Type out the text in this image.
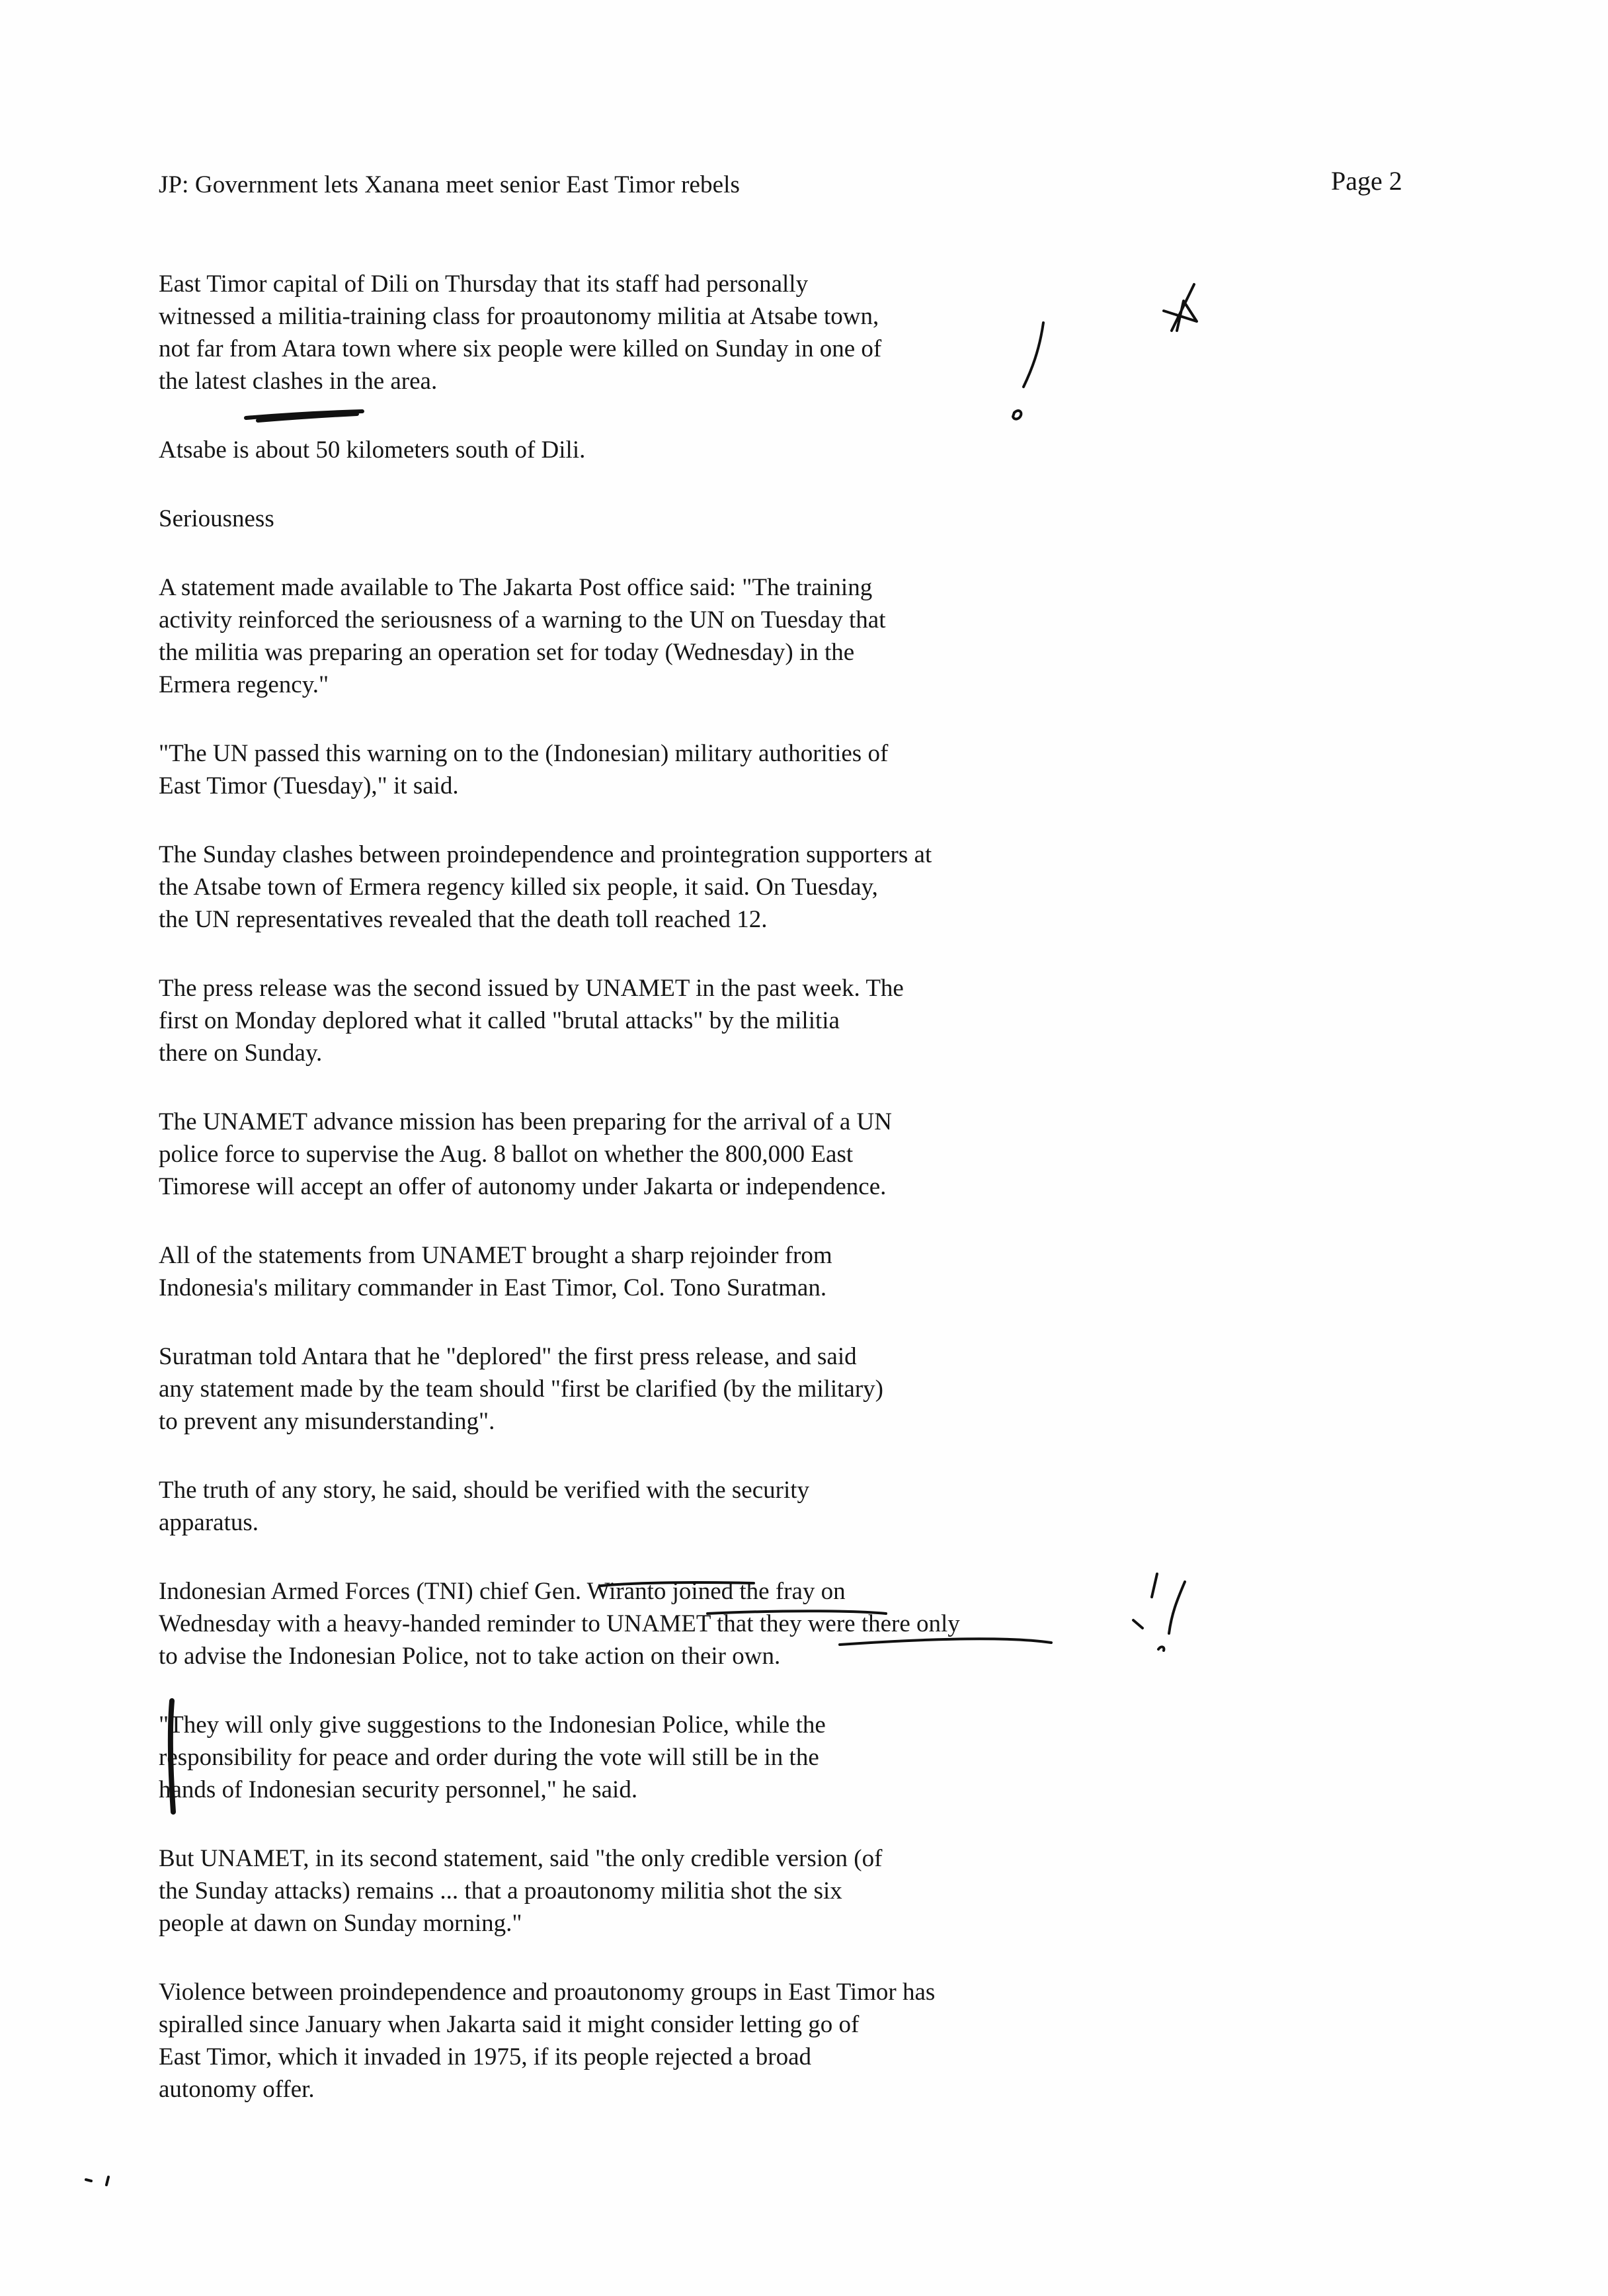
JP: Government lets Xanana meet senior East Timor rebels	Page 2

East Timor capital of Dili on Thursday that its staff had personally
witnessed a militia-training class for proautonomy militia at Atsabe town,
not far from Atara town where six people were killed on Sunday in one of
the latest clashes in the area.

Atsabe is about 50 kilometers south of Dili.

Seriousness

A statement made available to The Jakarta Post office said: "The training
activity reinforced the seriousness of a warning to the UN on Tuesday that
the militia was preparing an operation set for today (Wednesday) in the
Ermera regency."

"The UN passed this warning on to the (Indonesian) military authorities of
East Timor (Tuesday)," it said.

The Sunday clashes between proindependence and prointegration supporters at
the Atsabe town of Ermera regency killed six people, it said. On Tuesday,
the UN representatives revealed that the death toll reached 12.

The press release was the second issued by UNAMET in the past week. The
first on Monday deplored what it called "brutal attacks" by the militia
there on Sunday.

The UNAMET advance mission has been preparing for the arrival of a UN
police force to supervise the Aug. 8 ballot on whether the 800,000 East
Timorese will accept an offer of autonomy under Jakarta or independence.

All of the statements from UNAMET brought a sharp rejoinder from
Indonesia's military commander in East Timor, Col. Tono Suratman.

Suratman told Antara that he "deplored" the first press release, and said
any statement made by the team should "first be clarified (by the military)
to prevent any misunderstanding".

The truth of any story, he said, should be verified with the security
apparatus.

Indonesian Armed Forces (TNI) chief Gen. Wiranto joined the fray on
Wednesday with a heavy-handed reminder to UNAMET that they were there only
to advise the Indonesian Police, not to take action on their own.

"They will only give suggestions to the Indonesian Police, while the
responsibility for peace and order during the vote will still be in the
hands of Indonesian security personnel," he said.

But UNAMET, in its second statement, said "the only credible version (of
the Sunday attacks) remains ... that a proautonomy militia shot the six
people at dawn on Sunday morning."

Violence between proindependence and proautonomy groups in East Timor has
spiralled since January when Jakarta said it might consider letting go of
East Timor, which it invaded in 1975, if its people rejected a broad
autonomy offer.
